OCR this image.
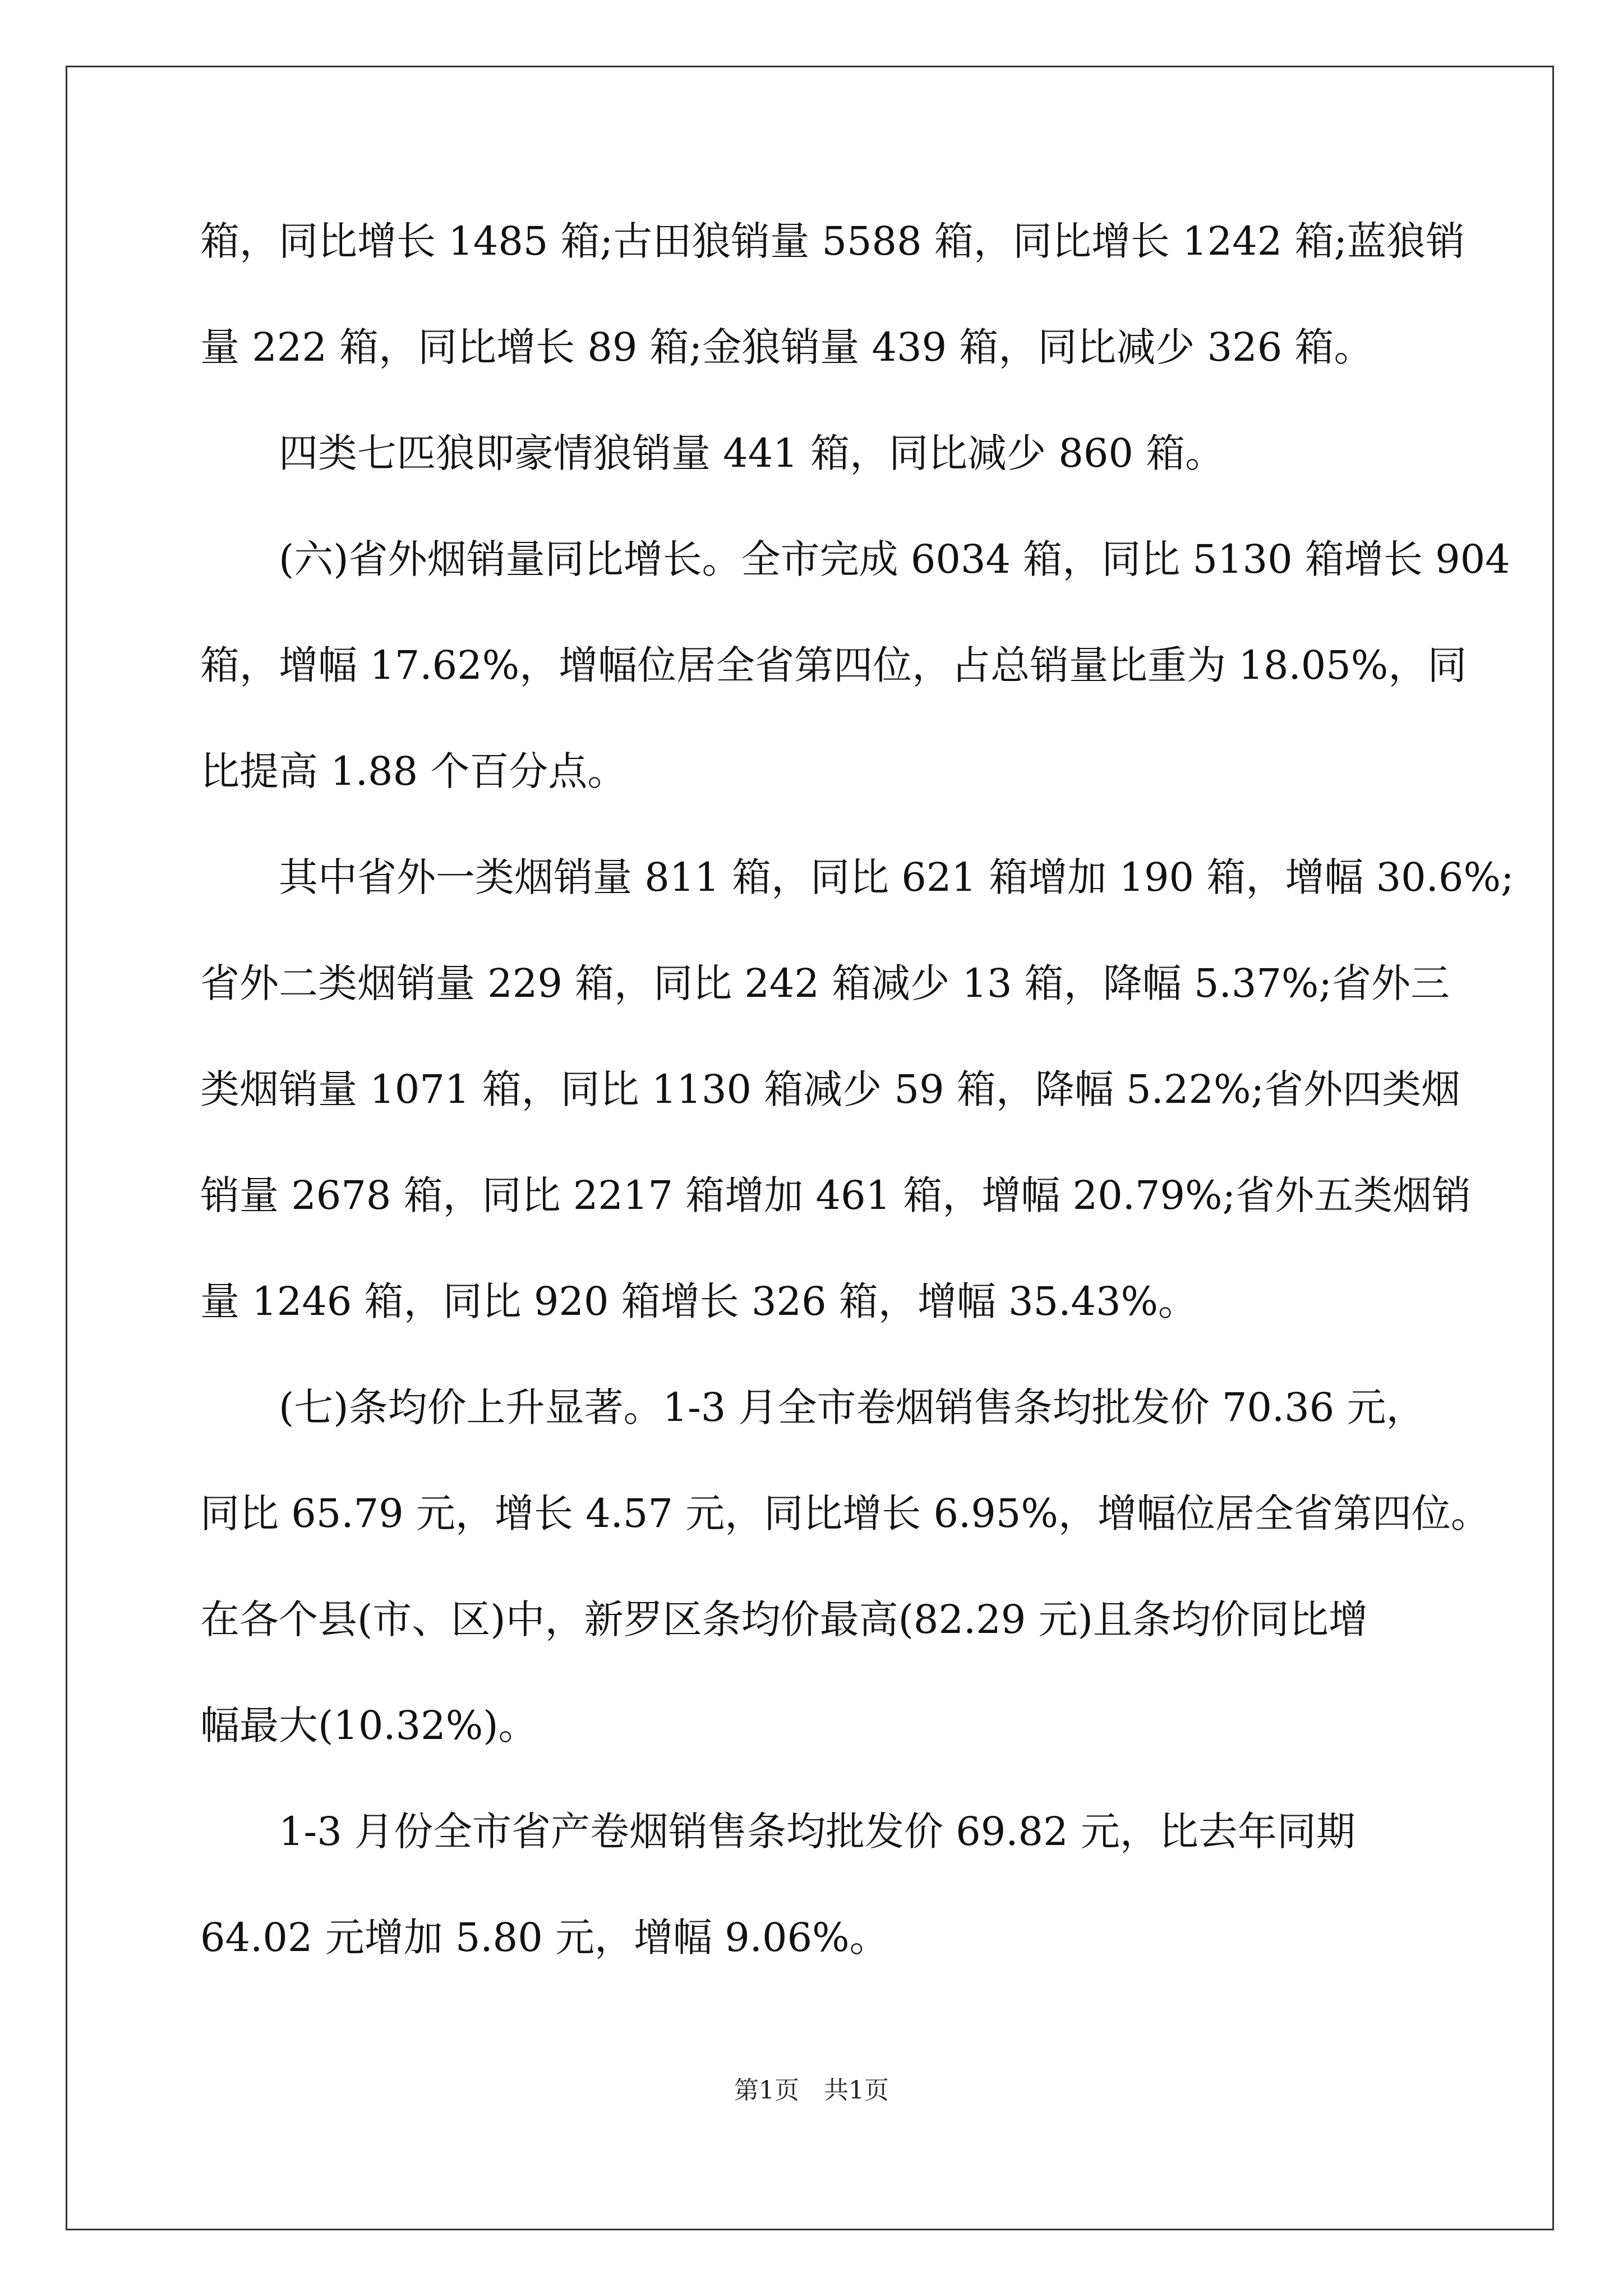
箱，同比增长 1485 箱;古田狼销量 5588 箱，同比增长 1242 箱;蓝狼销
量 222 箱，同比增长 89 箱;金狼销量 439 箱，同比减少 326 箱。
　　四类七匹狼即豪情狼销量 441 箱，同比减少 860 箱。
　　(六)省外烟销量同比增长。全市完成 6034 箱，同比 5130 箱增长 904
箱，增幅 17.62%，增幅位居全省第四位，占总销量比重为 18.05%，同
比提高 1.88 个百分点。
　　其中省外一类烟销量 811 箱，同比 621 箱增加 190 箱，增幅 30.6%;
省外二类烟销量 229 箱，同比 242 箱减少 13 箱，降幅 5.37%;省外三
类烟销量 1071 箱，同比 1130 箱减少 59 箱，降幅 5.22%;省外四类烟
销量 2678 箱，同比 2217 箱增加 461 箱，增幅 20.79%;省外五类烟销
量 1246 箱，同比 920 箱增长 326 箱，增幅 35.43%。
　　(七)条均价上升显著。1-3 月全市卷烟销售条均批发价 70.36 元，
同比 65.79 元，增长 4.57 元，同比增长 6.95%，增幅位居全省第四位。
在各个县(市、区)中，新罗区条均价最高(82.29 元)且条均价同比增
幅最大(10.32%)。
　　1-3 月份全市省产卷烟销售条均批发价 69.82 元，比去年同期
64.02 元增加 5.80 元，增幅 9.06%。
第1页　共1页
